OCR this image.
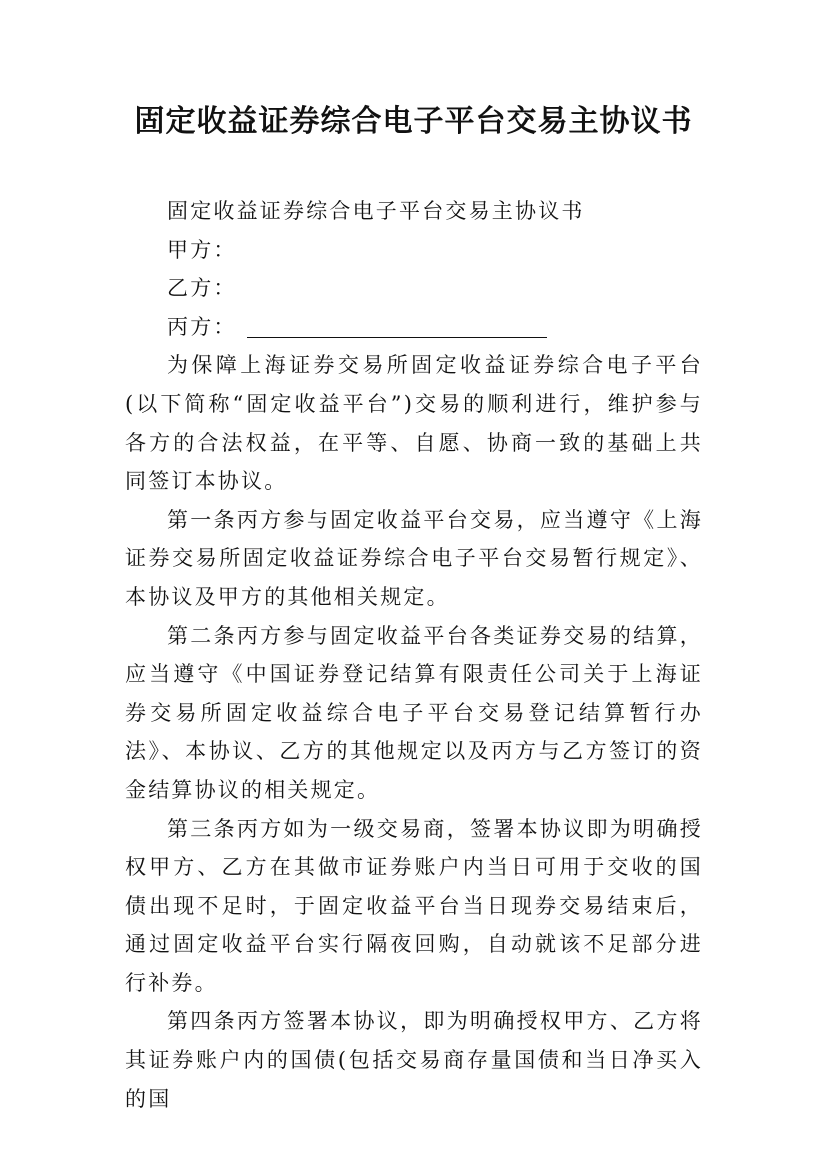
固定收益证券综合电子平台交易主协议书

固定收益证券综合电子平台交易主协议书

甲方：

乙方：

丙方：

为保障上海证券交易所固定收益证券综合电子平台(以下简称“固定收益平台”)交易的顺利进行，维护参与各方的合法权益，在平等、自愿、协商一致的基础上共同签订本协议。

第一条丙方参与固定收益平台交易，应当遵守《上海证券交易所固定收益证券综合电子平台交易暂行规定》、本协议及甲方的其他相关规定。

第二条丙方参与固定收益平台各类证券交易的结算，应当遵守《中国证券登记结算有限责任公司关于上海证券交易所固定收益综合电子平台交易登记结算暂行办法》、本协议、乙方的其他规定以及丙方与乙方签订的资金结算协议的相关规定。

第三条丙方如为一级交易商，签署本协议即为明确授权甲方、乙方在其做市证券账户内当日可用于交收的国债出现不足时，于固定收益平台当日现券交易结束后，通过固定收益平台实行隔夜回购，自动就该不足部分进行补券。

第四条丙方签署本协议，即为明确授权甲方、乙方将其证券账户内的国债(包括交易商存量国债和当日净买入的国
